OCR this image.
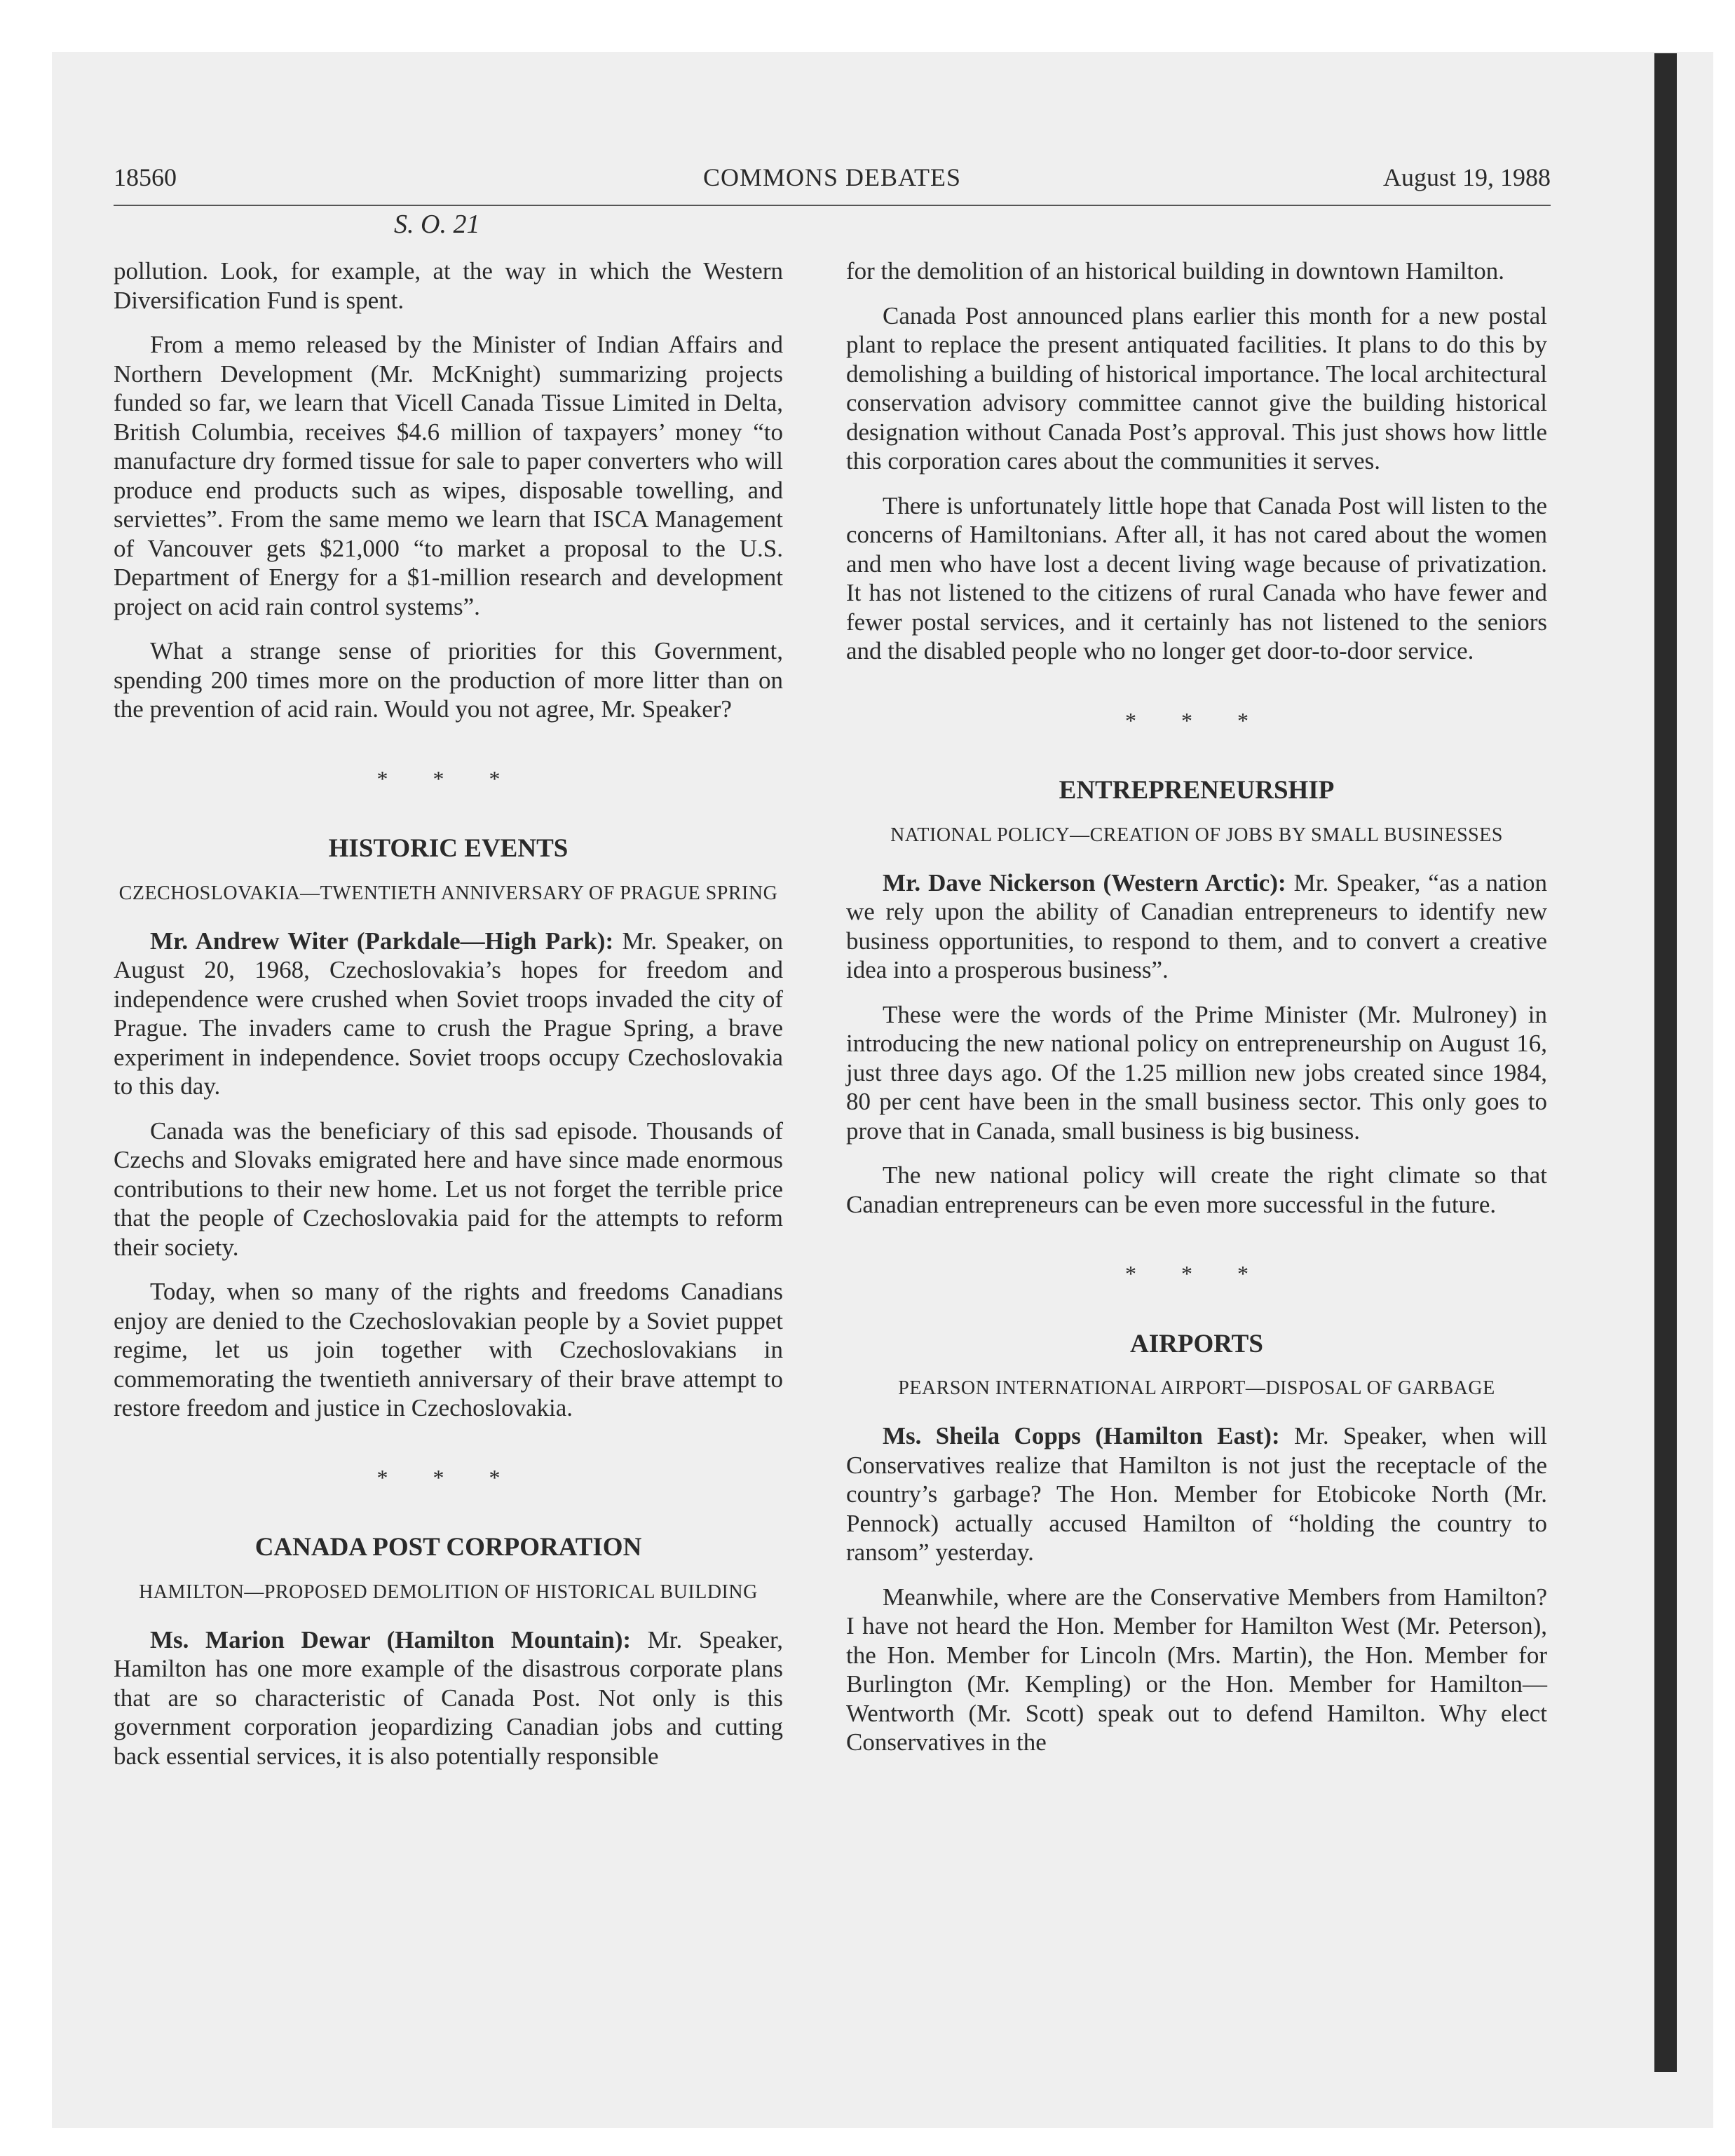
18560	COMMONS DEBATES	August 19, 1988
S. O. 21

pollution. Look, for example, at the way in which the Western Diversification Fund is spent.

From a memo released by the Minister of Indian Affairs and Northern Development (Mr. McKnight) summarizing projects funded so far, we learn that Vicell Canada Tissue Limited in Delta, British Columbia, receives $4.6 million of taxpayers’ money “to manufacture dry formed tissue for sale to paper converters who will produce end products such as wipes, disposable towelling, and serviettes”. From the same memo we learn that ISCA Management of Vancouver gets $21,000 “to market a proposal to the U.S. Department of Energy for a $1-million research and development project on acid rain control systems”.

What a strange sense of priorities for this Government, spending 200 times more on the production of more litter than on the prevention of acid rain. Would you not agree, Mr. Speaker?

* * *
HISTORIC EVENTS
CZECHOSLOVAKIA—TWENTIETH ANNIVERSARY OF PRAGUE SPRING

Mr. Andrew Witer (Parkdale—High Park): Mr. Speaker, on August 20, 1968, Czechoslovakia’s hopes for freedom and independence were crushed when Soviet troops invaded the city of Prague. The invaders came to crush the Prague Spring, a brave experiment in independence. Soviet troops occupy Czechoslovakia to this day.

Canada was the beneficiary of this sad episode. Thousands of Czechs and Slovaks emigrated here and have since made enormous contributions to their new home. Let us not forget the terrible price that the people of Czechoslovakia paid for the attempts to reform their society.

Today, when so many of the rights and freedoms Canadians enjoy are denied to the Czechoslovakian people by a Soviet puppet regime, let us join together with Czechoslovakians in commemorating the twentieth anniversary of their brave attempt to restore freedom and justice in Czechoslovakia.

* * *
CANADA POST CORPORATION
HAMILTON—PROPOSED DEMOLITION OF HISTORICAL BUILDING

Ms. Marion Dewar (Hamilton Mountain): Mr. Speaker, Hamilton has one more example of the disastrous corporate plans that are so characteristic of Canada Post. Not only is this government corporation jeopardizing Canadian jobs and cutting back essential services, it is also potentially responsible

for the demolition of an historical building in downtown Hamilton.

Canada Post announced plans earlier this month for a new postal plant to replace the present antiquated facilities. It plans to do this by demolishing a building of historical importance. The local architectural conservation advisory committee cannot give the building historical designation without Canada Post’s approval. This just shows how little this corporation cares about the communities it serves.

There is unfortunately little hope that Canada Post will listen to the concerns of Hamiltonians. After all, it has not cared about the women and men who have lost a decent living wage because of privatization. It has not listened to the citizens of rural Canada who have fewer and fewer postal services, and it certainly has not listened to the seniors and the disabled people who no longer get door-to-door service.

* * *
ENTREPRENEURSHIP
NATIONAL POLICY—CREATION OF JOBS BY SMALL BUSINESSES

Mr. Dave Nickerson (Western Arctic): Mr. Speaker, “as a nation we rely upon the ability of Canadian entrepreneurs to identify new business opportunities, to respond to them, and to convert a creative idea into a prosperous business”.

These were the words of the Prime Minister (Mr. Mulroney) in introducing the new national policy on entrepreneurship on August 16, just three days ago. Of the 1.25 million new jobs created since 1984, 80 per cent have been in the small business sector. This only goes to prove that in Canada, small business is big business.

The new national policy will create the right climate so that Canadian entrepreneurs can be even more successful in the future.

* * *
AIRPORTS
PEARSON INTERNATIONAL AIRPORT—DISPOSAL OF GARBAGE

Ms. Sheila Copps (Hamilton East): Mr. Speaker, when will Conservatives realize that Hamilton is not just the receptacle of the country’s garbage? The Hon. Member for Etobicoke North (Mr. Pennock) actually accused Hamilton of “holding the country to ransom” yesterday.

Meanwhile, where are the Conservative Members from Hamilton? I have not heard the Hon. Member for Hamilton West (Mr. Peterson), the Hon. Member for Lincoln (Mrs. Martin), the Hon. Member for Burlington (Mr. Kempling) or the Hon. Member for Hamilton—Wentworth (Mr. Scott) speak out to defend Hamilton. Why elect Conservatives in the
